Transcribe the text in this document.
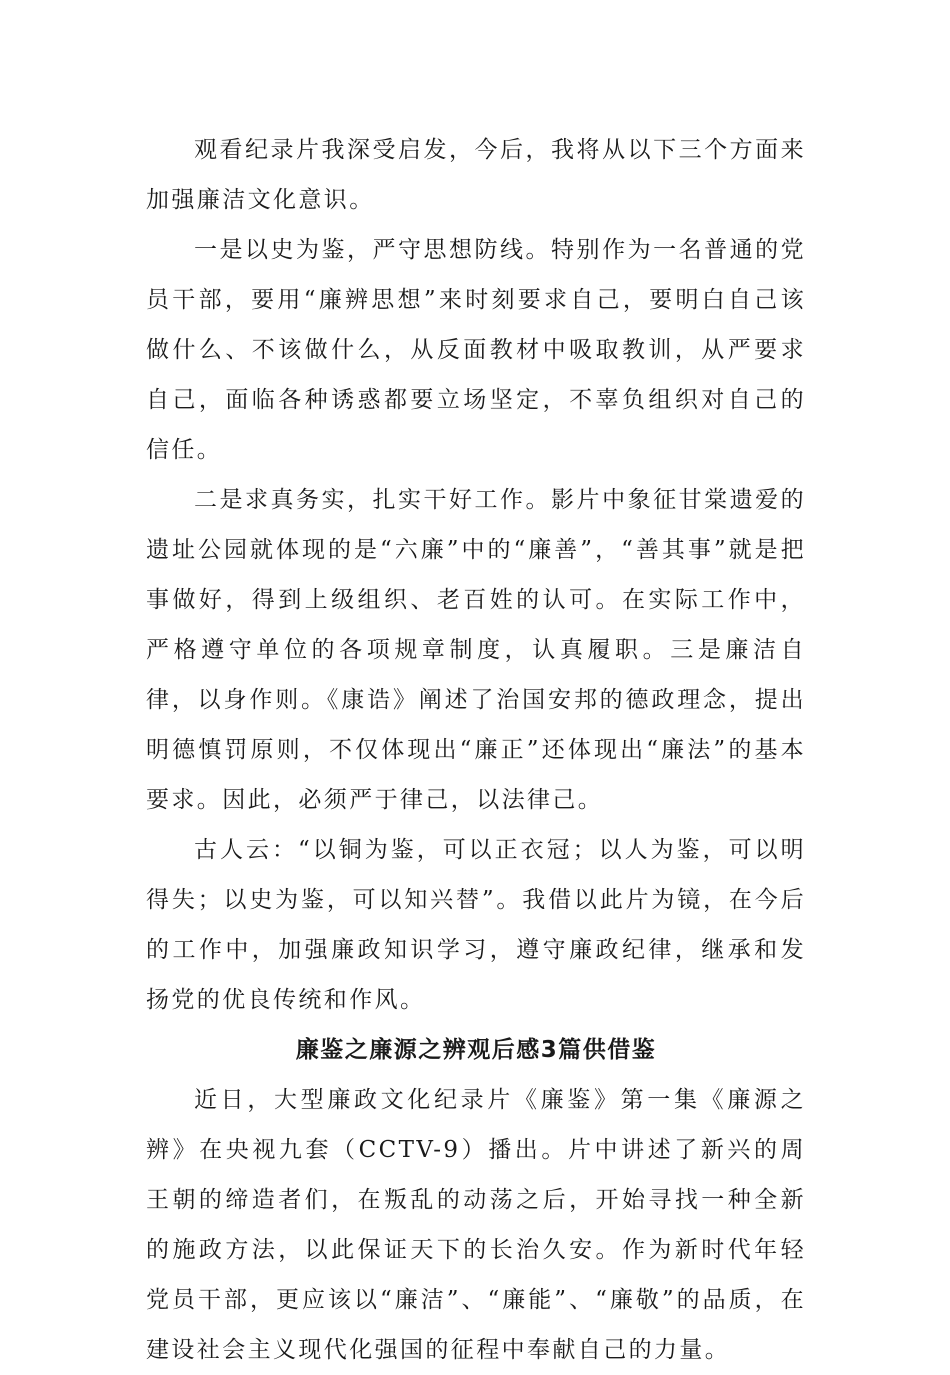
观看纪录片我深受启发，今后，我将从以下三个方面来加强廉洁文化意识。

一是以史为鉴，严守思想防线。特别作为一名普通的党员干部，要用“廉辨思想”来时刻要求自己，要明白自己该做什么、不该做什么，从反面教材中吸取教训，从严要求自己，面临各种诱惑都要立场坚定，不辜负组织对自己的信任。

二是求真务实，扎实干好工作。影片中象征甘棠遗爱的遗址公园就体现的是“六廉”中的“廉善”，“善其事”就是把事做好，得到上级组织、老百姓的认可。在实际工作中，严格遵守单位的各项规章制度，认真履职。三是廉洁自律，以身作则。《康诰》阐述了治国安邦的德政理念，提出明德慎罚原则，不仅体现出“廉正”还体现出“廉法”的基本要求。因此，必须严于律己，以法律己。

古人云：“以铜为鉴，可以正衣冠；以人为鉴，可以明得失；以史为鉴，可以知兴替”。我借以此片为镜，在今后的工作中，加强廉政知识学习，遵守廉政纪律，继承和发扬党的优良传统和作风。

廉鉴之廉源之辨观后感3篇供借鉴

近日，大型廉政文化纪录片《廉鉴》第一集《廉源之辨》在央视九套（CCTV-9）播出。片中讲述了新兴的周王朝的缔造者们，在叛乱的动荡之后，开始寻找一种全新的施政方法，以此保证天下的长治久安。作为新时代年轻党员干部，更应该以“廉洁”、“廉能”、“廉敬”的品质，在建设社会主义现代化强国的征程中奉献自己的力量。
